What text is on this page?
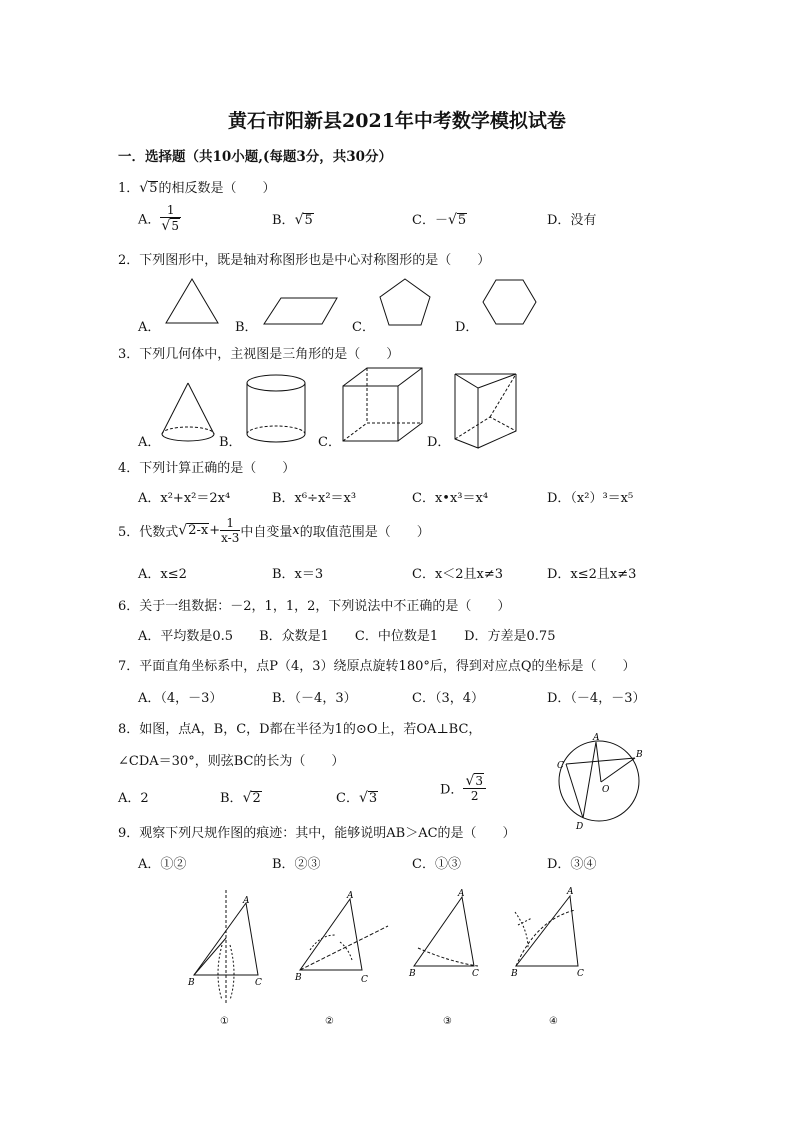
黄石市阳新县2021年中考数学模拟试卷
一．选择题（共10小题,(每题3分，共30分）
1．√5的相反数是（　　）
A． $\frac{1}{√5}$	B．√5	C．－√5	D．没有
2．下列图形中，既是轴对称图形也是中心对称图形的是（　　）
A．	B．	C．	D．
3．下列几何体中，主视图是三角形的是（　　）
A．	B．	C．	D．
4．下列计算正确的是（　　）
A．x²+x²＝2x⁴	B．x⁶÷x²＝x³	C．x•x³＝x⁴	D．（x²）³＝x⁵
5．代数式$√2-x+ \frac{1}{x-3}$ 中自变量x的取值范围是（　　）
A．x≤2	B．x＝3	C．x＜2且x≠3	D．x≤2且x≠3
6．关于一组数据：－2，1，1，2，下列说法中不正确的是（　　）
A．平均数是0.5　　B．众数是1　　C．中位数是1　　D．方差是0.75
7．平面直角坐标系中，点P（4，3）绕原点旋转180°后，得到对应点Q的坐标是（　　）
A．（4，－3）	B．（－4，3）	C．（3，4）	D．（－4，－3）
8．如图，点A，B，C，D都在半径为1的⊙O上，若OA⊥BC，
∠CDA＝30°，则弦BC的长为（　　）
A．2	B．√2	C．√3
D． $\frac{√3}{2}$
A
B
C
D
O
9．观察下列尺规作图的痕迹：其中，能够说明AB＞AC的是（　　）
A．①②	B．②③	C．①③	D．③④
A
B	C
①
A
B	C
②
A
B	C
③
A
B	C
④
